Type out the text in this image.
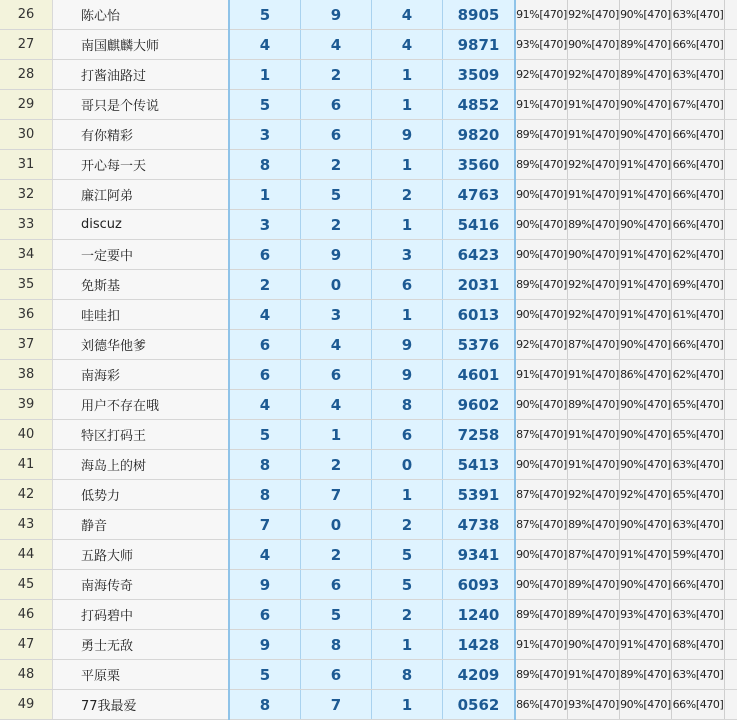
26	陈心怡	5	9	4	8905	91%[470]	92%[470]	90%[470]	63%[470]	
27	南国麒麟大师	4	4	4	9871	93%[470]	90%[470]	89%[470]	66%[470]	
28	打酱油路过	1	2	1	3509	92%[470]	92%[470]	89%[470]	63%[470]	
29	哥只是个传说	5	6	1	4852	91%[470]	91%[470]	90%[470]	67%[470]	
30	有你精彩	3	6	9	9820	89%[470]	91%[470]	90%[470]	66%[470]	
31	开心每一天	8	2	1	3560	89%[470]	92%[470]	91%[470]	66%[470]	
32	廉江阿弟	1	5	2	4763	90%[470]	91%[470]	91%[470]	66%[470]	
33	discuz	3	2	1	5416	90%[470]	89%[470]	90%[470]	66%[470]	
34	一定要中	6	9	3	6423	90%[470]	90%[470]	91%[470]	62%[470]	
35	免斯基	2	0	6	2031	89%[470]	92%[470]	91%[470]	69%[470]	
36	哇哇扣	4	3	1	6013	90%[470]	92%[470]	91%[470]	61%[470]	
37	刘德华他爹	6	4	9	5376	92%[470]	87%[470]	90%[470]	66%[470]	
38	南海彩	6	6	9	4601	91%[470]	91%[470]	86%[470]	62%[470]	
39	用户不存在哦	4	4	8	9602	90%[470]	89%[470]	90%[470]	65%[470]	
40	特区打码王	5	1	6	7258	87%[470]	91%[470]	90%[470]	65%[470]	
41	海岛上的树	8	2	0	5413	90%[470]	91%[470]	90%[470]	63%[470]	
42	低势力	8	7	1	5391	87%[470]	92%[470]	92%[470]	65%[470]	
43	静音	7	0	2	4738	87%[470]	89%[470]	90%[470]	63%[470]	
44	五路大师	4	2	5	9341	90%[470]	87%[470]	91%[470]	59%[470]	
45	南海传奇	9	6	5	6093	90%[470]	89%[470]	90%[470]	66%[470]	
46	打码碧中	6	5	2	1240	89%[470]	89%[470]	93%[470]	63%[470]	
47	勇士无敌	9	8	1	1428	91%[470]	90%[470]	91%[470]	68%[470]	
48	平原栗	5	6	8	4209	89%[470]	91%[470]	89%[470]	63%[470]	
49	77我最爱	8	7	1	0562	86%[470]	93%[470]	90%[470]	66%[470]	
